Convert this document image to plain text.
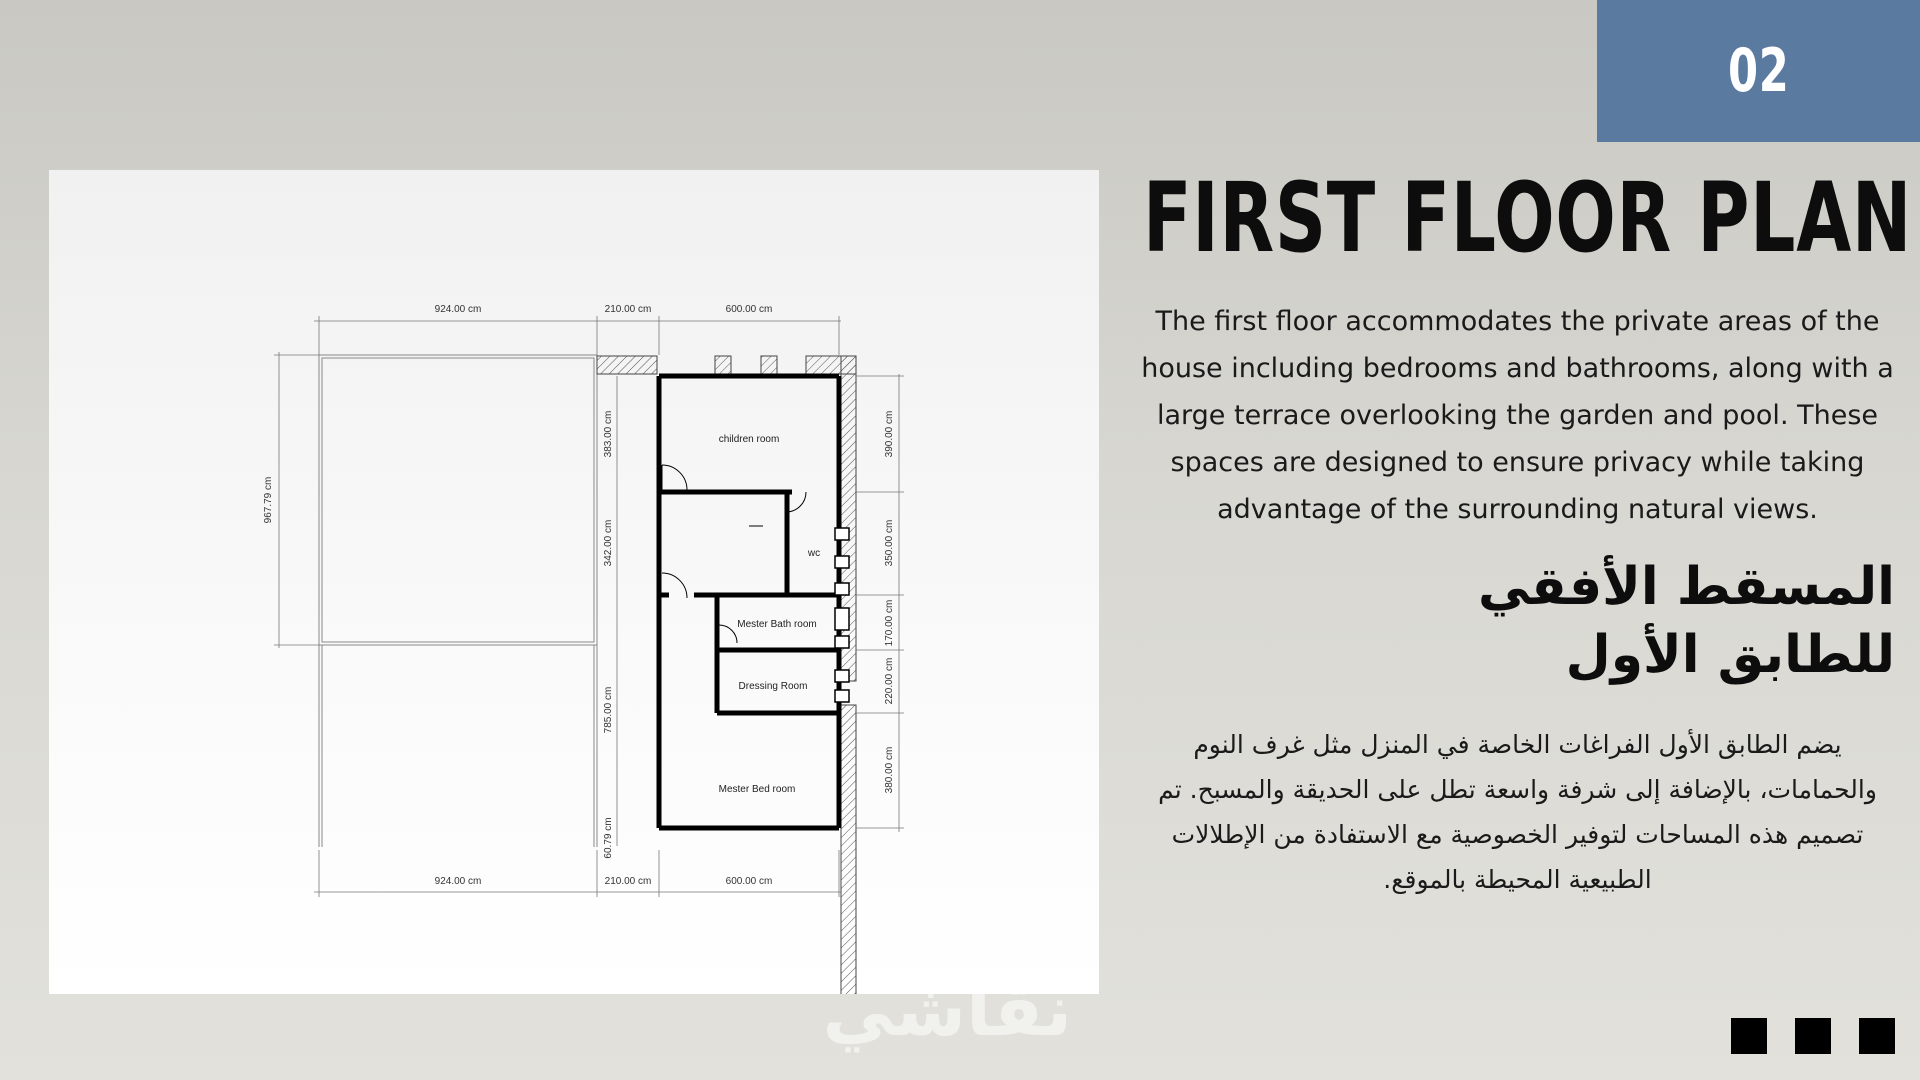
02
children room
wc
Mester Bath room
Dressing Room
Mester Bed room
924.00 cm	210.00 cm	600.00 cm
924.00 cm	210.00 cm	600.00 cm
967.79 cm
383.00 cm
342.00 cm
785.00 cm
60.79 cm
390.00 cm
350.00 cm
170.00 cm
220.00 cm
380.00 cm
نقاشي
FIRST FLOOR PLAN
The first floor accommodates the private areas of the house including bedrooms and bathrooms, along with a large terrace overlooking the garden and pool. These spaces are designed to ensure privacy while taking advantage of the surrounding natural views.
المسقط الأفقي
للطابق الأول
يضم الطابق الأول الفراغات الخاصة في المنزل مثل غرف النوم والحمامات، بالإضافة إلى شرفة واسعة تطل على الحديقة والمسبح. تم تصميم هذه المساحات لتوفير الخصوصية مع الاستفادة من الإطلالات الطبيعية المحيطة بالموقع.
